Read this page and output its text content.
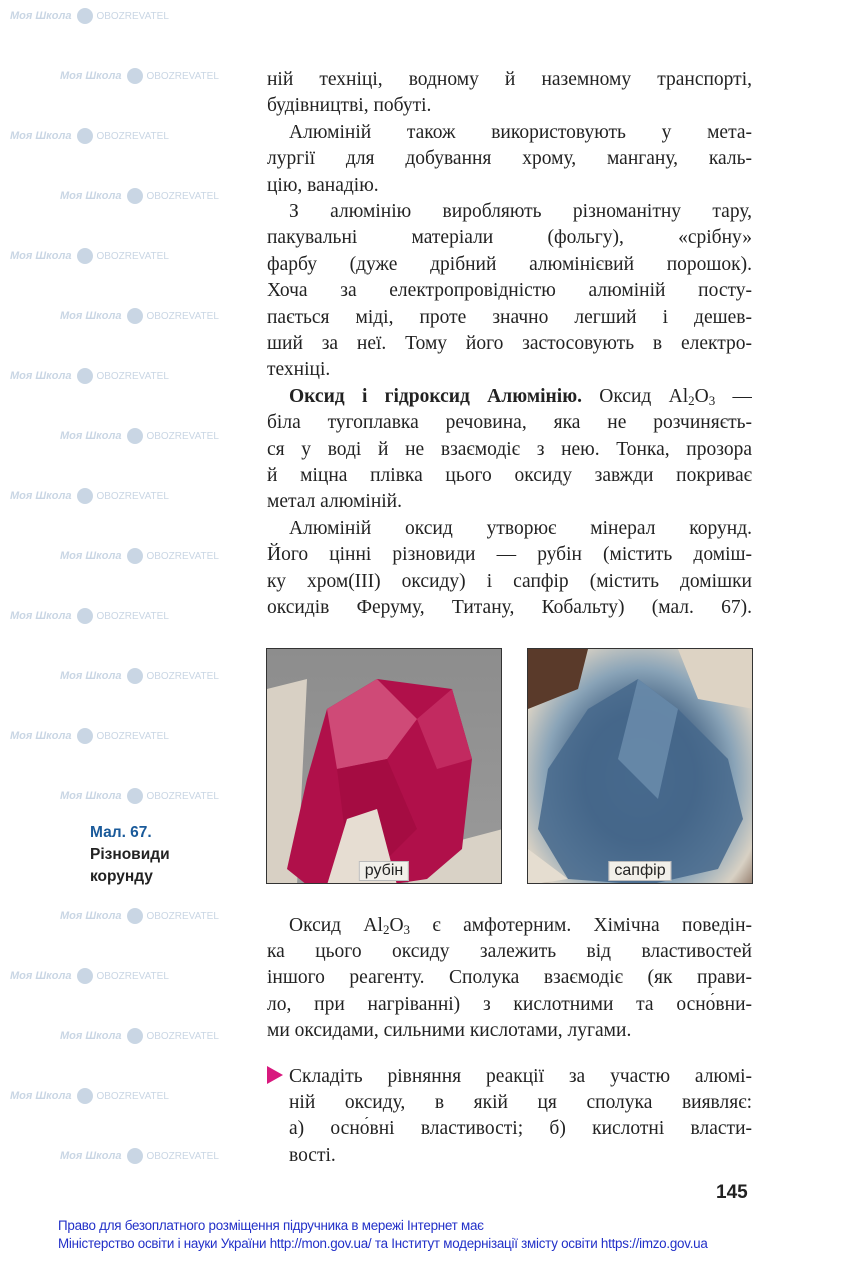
Моя Школа	OBOZREVATEL
Моя Школа	OBOZREVATEL
Моя Школа	OBOZREVATEL
Моя Школа	OBOZREVATEL
Моя Школа	OBOZREVATEL
Моя Школа	OBOZREVATEL
Моя Школа	OBOZREVATEL
Моя Школа	OBOZREVATEL
Моя Школа	OBOZREVATEL
Моя Школа	OBOZREVATEL
Моя Школа	OBOZREVATEL
Моя Школа	OBOZREVATEL
Моя Школа	OBOZREVATEL
Моя Школа	OBOZREVATEL
Моя Школа	OBOZREVATEL
Моя Школа	OBOZREVATEL
Моя Школа	OBOZREVATEL
Моя Школа	OBOZREVATEL
Моя Школа	OBOZREVATEL
ній техніці, водному й наземному транспорті,
будівництві, побуті.
Алюміній також використовують у мета-
лургії для добування хрому, мангану, каль-
цію, ванадію.
З алюмінію виробляють різноманітну тару,
пакувальні матеріали (фольгу), «срібну»
фарбу (дуже дрібний алюмінієвий порошок).
Хоча за електропровідністю алюміній посту-
пається міді, проте значно легший і дешев-
ший за неї. Тому його застосовують в електро-
техніці.
Оксид і гідроксид Алюмінію. Оксид $Al_2O_3$ —
біла тугоплавка речовина, яка не розчиняєть-
ся у воді й не взаємодіє з нею. Тонка, прозора
й міцна плівка цього оксиду завжди покриває
метал алюміній.
Алюміній оксид утворює мінерал корунд.
Його цінні різновиди — рубін (містить доміш-
ку хром(III) оксиду) і сапфір (містить домішки
оксидів Феруму, Титану, Кобальту) (мал. 67).
рубін	сапфір
Мал. 67.
Різновиди
корунду
Оксид $Al_2O_3$ є амфотерним. Хімічна поведін-
ка цього оксиду залежить від властивостей
іншого реагенту. Сполука взаємодіє (як прави-
ло, при нагріванні) з кислотними та осно́вни-
ми оксидами, сильними кислотами, лугами.
Складіть рівняння реакції за участю алюмі-
ній оксиду, в якій ця сполука виявляє:
а) осно́вні властивості; б) кислотні власти-
вості.
145
Право для безоплатного розміщення підручника в мережі Інтернет має
Міністерство освіти і науки України http://mon.gov.ua/ та Інститут модернізації змісту освіти https://imzo.gov.ua
